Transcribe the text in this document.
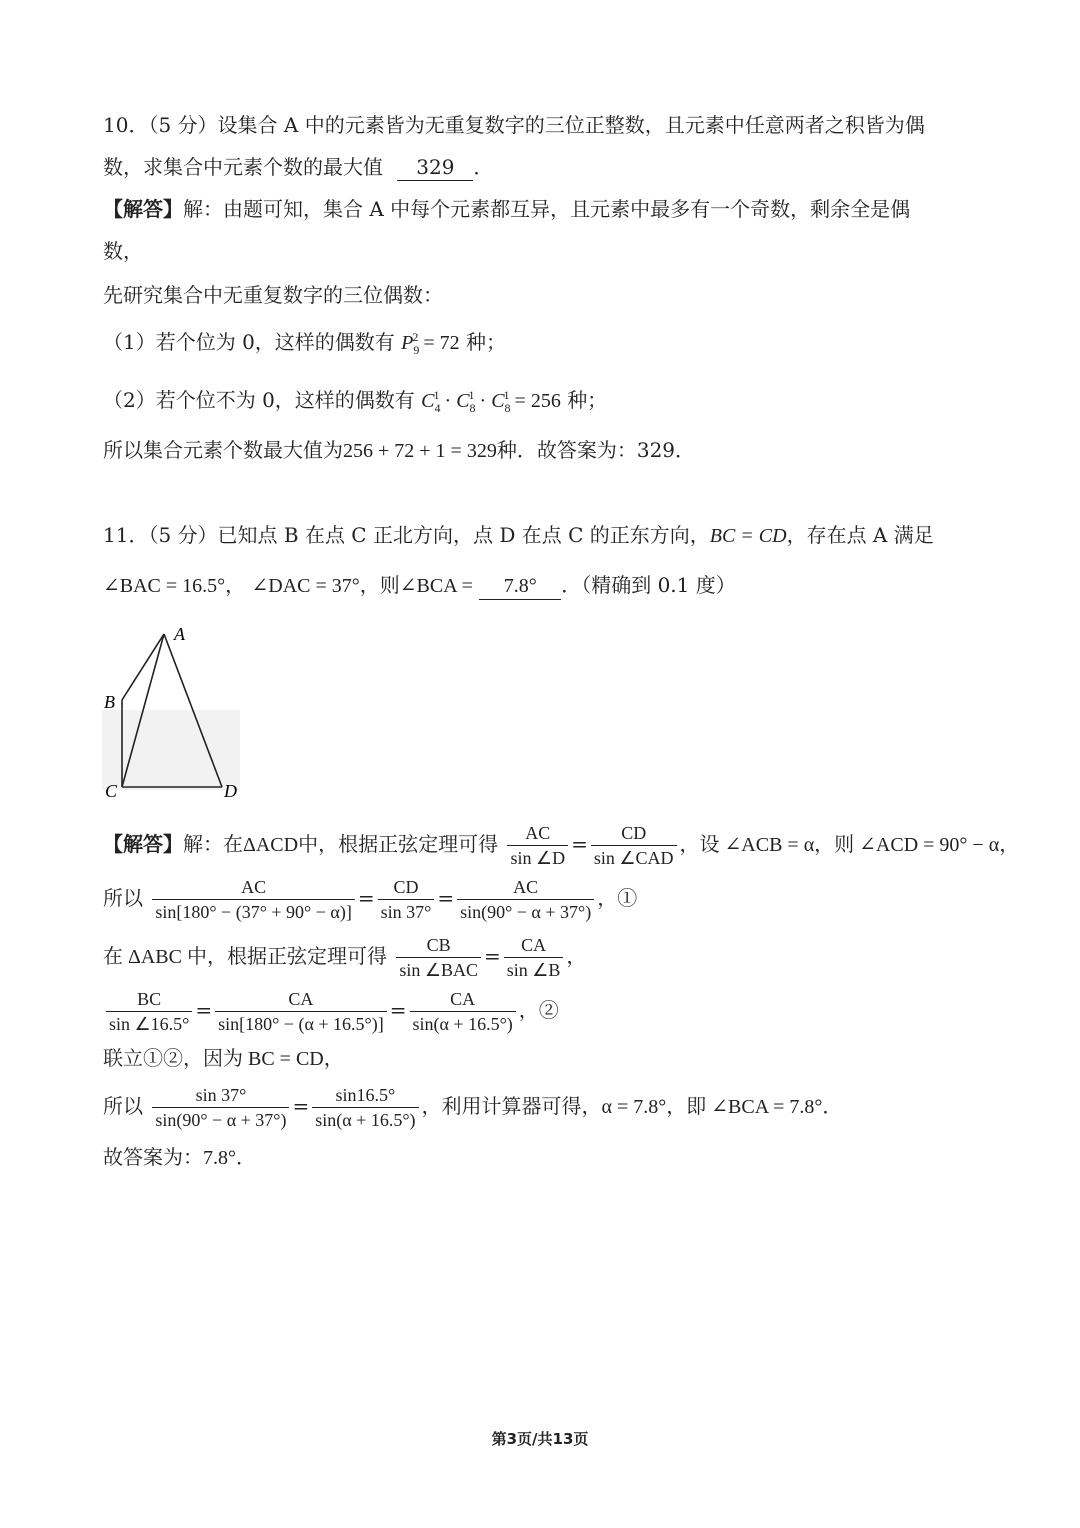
10．（5 分）设集合 A 中的元素皆为无重复数字的三位正整数，且元素中任意两者之积皆为偶
数，求集合中元素个数的最大值 329 ．
【解答】解：由题可知，集合 A 中每个元素都互异，且元素中最多有一个奇数，剩余全是偶
数，
先研究集合中无重复数字的三位偶数：
（1）若个位为 0，这样的偶数有 $P_9^2 = 72$ 种；
（2）若个位不为 0，这样的偶数有 $C_4^1 \cdot C_8^1 \cdot C_8^1 = 256$ 种；
所以集合元素个数最大值为256 + 72 + 1 = 329种．故答案为：329．
11．（5 分）已知点 B 在点 C 正北方向，点 D 在点 C 的正东方向，BC = CD，存在点 A 满足
∠BAC = 16.5°， ∠DAC = 37°，则∠BCA = 7.8° ．（精确到 0.1 度）
A
B
C	D
【解答】解：在ΔACD中，根据正弦定理可得 $\frac{AC}{\sin \angle D} = \frac{CD}{\text{sin ∠CAD}}$ ，设 ∠ACB = α，则 ∠ACD = 90° − α，
所以 $\frac{AC}{\sin[180^\circ - (37^\circ + 90^\circ - \alpha)]} = \frac{CD}{\sin 37^\circ} = \frac{AC}{\sin(90^\circ - \alpha + 37^\circ)}$ ，①
在 ΔABC 中，根据正弦定理可得 $\frac{CB}{\text{sin ∠BAC}} = \frac{CA}{\sin \angle B}$ ，
$\frac{BC}{\sin \angle 16.5^\circ} = \frac{CA}{\sin[180^\circ - (\alpha + 16.5^\circ)]} = \frac{CA}{\sin(\alpha + 16.5^\circ)}$ ，②
联立①②，因为 BC = CD，
所以 $\frac{\sin 37^\circ}{\sin(90^\circ - \alpha + 37^\circ)} = \frac{\sin 16.5^\circ}{\sin(\alpha + 16.5^\circ)}$ ，利用计算器可得，α = 7.8°，即 ∠BCA = 7.8°．
故答案为：7.8°．
第3页/共13页
